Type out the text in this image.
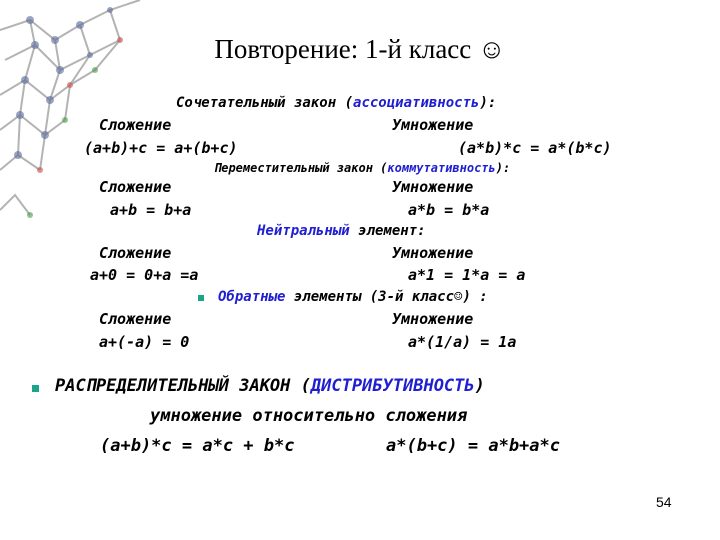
Повторение: 1-й класс ☺
Сочетательный закон (ассоциативность):
Сложение	Умножение
(a+b)+c = a+(b+c)	(a*b)*c = a*(b*c)
Переместительный закон (коммутативность):
Сложение	Умножение
a+b = b+a	a*b = b*a
Нейтральный элемент:
Сложение	Умножение
a+0 = 0+a =a	a*1 = 1*a = a
Обратные элементы (3-й класс☺) :
Сложение	Умножение
a+(-a) = 0	a*(1/a) = 1a
РАСПРЕДЕЛИТЕЛЬНЫЙ ЗАКОН (ДИСТРИБУТИВНОСТЬ)
умножение относительно сложения
(a+b)*c = a*c + b*c	a*(b+c) = a*b+a*c
54
